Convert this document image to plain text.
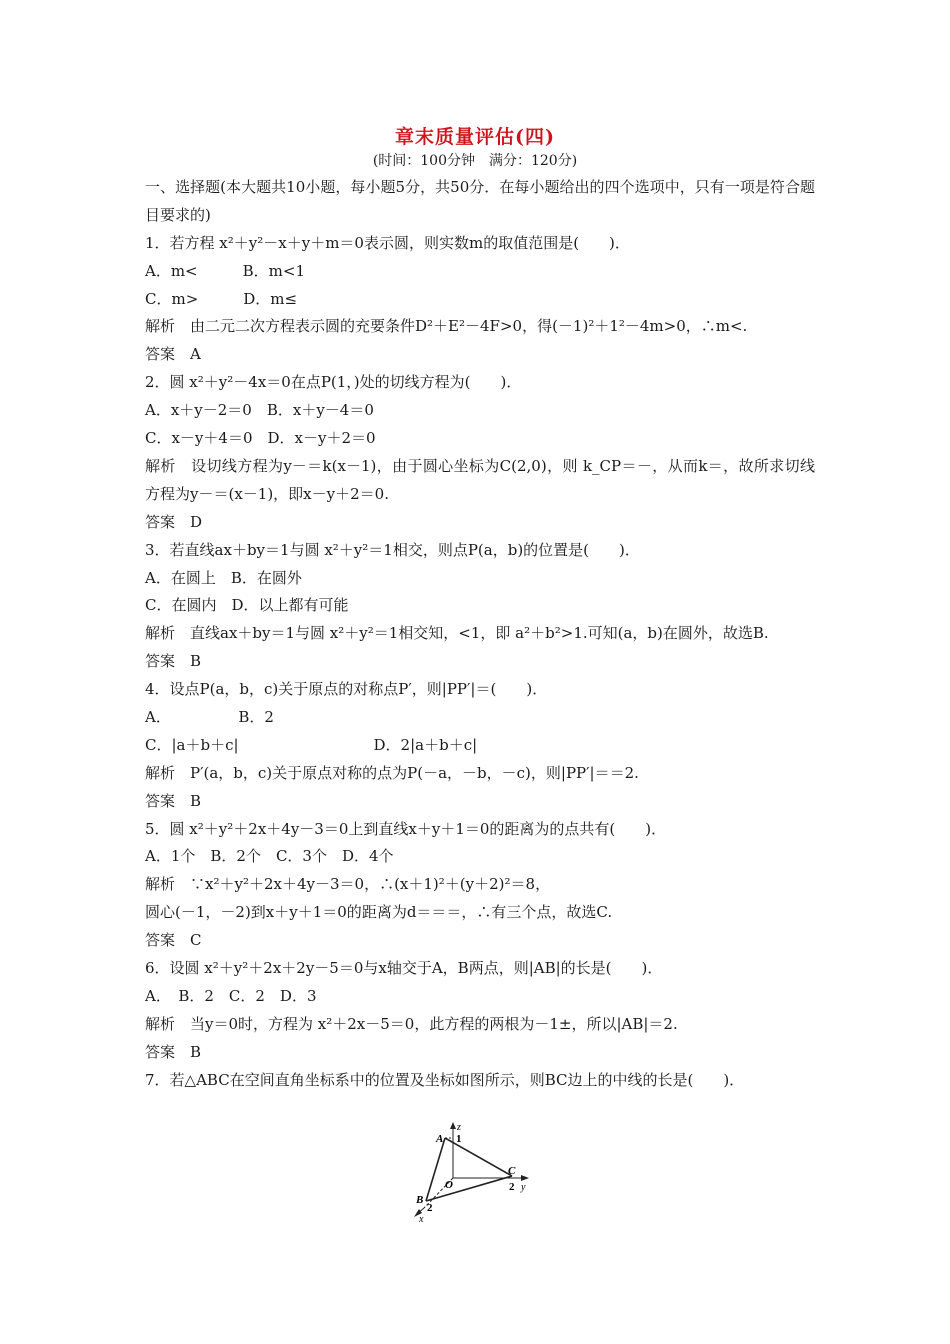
章末质量评估(四)
(时间：100分钟　满分：120分)
一、选择题(本大题共10小题，每小题5分，共50分．在每小题给出的四个选项中，只有一项是符合题目要求的)
1．若方程 x²＋y²－x＋y＋m＝0表示圆，则实数m的取值范围是(　　)．
A．m<　　　B．m<1
C．m>　　　D．m≤
解析　由二元二次方程表示圆的充要条件D²＋E²－4F>0，得(－1)²＋1²－4m>0，∴m<.
答案　A
2．圆 x²＋y²－4x＝0在点P(1，)处的切线方程为(　　)．
A．x＋y－2＝0　B．x＋y－4＝0
C．x－y＋4＝0　D．x－y＋2＝0
解析　设切线方程为y－＝k(x－1)，由于圆心坐标为C(2,0)，则 k_CP＝－，从而k＝，故所求切线方程为y－＝(x－1)，即x－y＋2＝0.
答案　D
3．若直线ax＋by＝1与圆 x²＋y²＝1相交，则点P(a，b)的位置是(　　)．
A．在圆上　B．在圆外
C．在圆内　D．以上都有可能
解析　直线ax＋by＝1与圆 x²＋y²＝1相交知，<1，即 a²＋b²>1.可知(a，b)在圆外，故选B.
答案　B
4．设点P(a，b，c)关于原点的对称点P′，则|PP′|＝(　　)．
A．　　　　　B．2
C．|a＋b＋c|　　　　　　　　　D．2|a＋b＋c|
解析　P′(a，b，c)关于原点对称的点为P(－a，－b，－c)，则|PP′|＝＝2.
答案　B
5．圆 x²＋y²＋2x＋4y－3＝0上到直线x＋y＋1＝0的距离为的点共有(　　)．
A．1个　B．2个　C．3个　D．4个
解析　∵x²＋y²＋2x＋4y－3＝0，∴(x＋1)²＋(y＋2)²＝8，
圆心(－1，－2)到x＋y＋1＝0的距离为d＝＝＝，∴有三个点，故选C.
答案　C
6．设圆 x²＋y²＋2x＋2y－5＝0与x轴交于A，B两点，则|AB|的长是(　　)．
A．　B．2　C．2　D．3
解析　当y＝0时，方程为 x²＋2x－5＝0，此方程的两根为－1±，所以|AB|＝2.
答案　B
7．若△ABC在空间直角坐标系中的位置及坐标如图所示，则BC边上的中线的长是(　　)．
A 1
z
C
O	2 y
B
2
x
